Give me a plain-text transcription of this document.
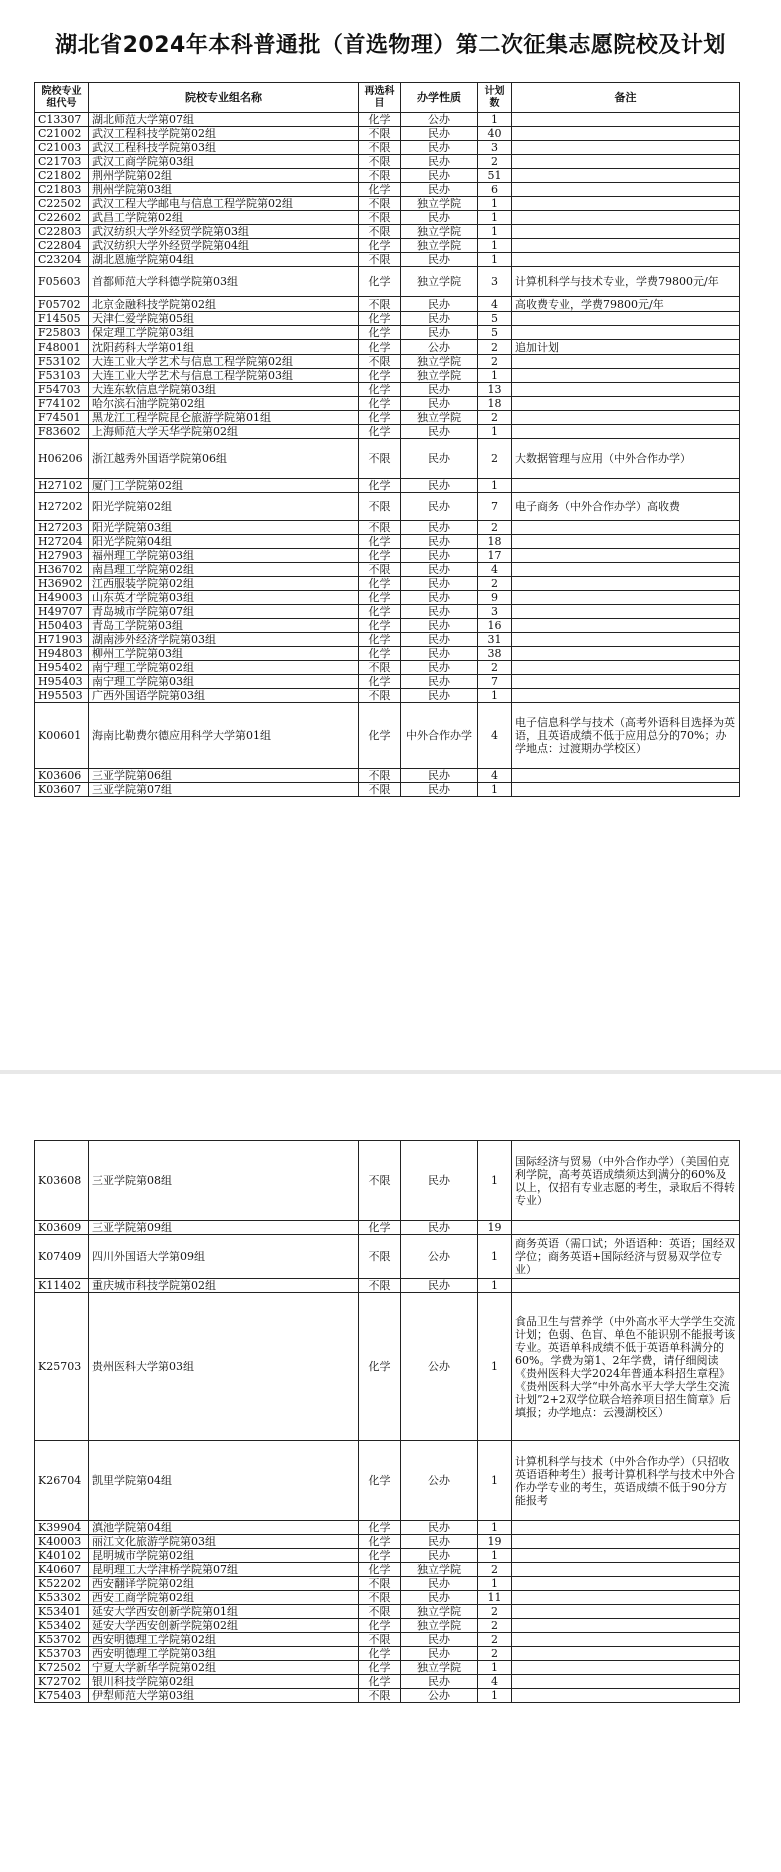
湖北省2024年本科普通批（首选物理）第二次征集志愿院校及计划
院校专业组代号	院校专业组名称	再选科目	办学性质	计划数	备注
C13307	湖北师范大学第07组	化学	公办	1	
C21002	武汉工程科技学院第02组	不限	民办	40	
C21003	武汉工程科技学院第03组	不限	民办	3	
C21703	武汉工商学院第03组	不限	民办	2	
C21802	荆州学院第02组	不限	民办	51	
C21803	荆州学院第03组	化学	民办	6	
C22502	武汉工程大学邮电与信息工程学院第02组	不限	独立学院	1	
C22602	武昌工学院第02组	不限	民办	1	
C22803	武汉纺织大学外经贸学院第03组	不限	独立学院	1	
C22804	武汉纺织大学外经贸学院第04组	化学	独立学院	1	
C23204	湖北恩施学院第04组	不限	民办	1	
F05603	首都师范大学科德学院第03组	化学	独立学院	3	计算机科学与技术专业，学费79800元/年
F05702	北京金融科技学院第02组	不限	民办	4	高收费专业，学费79800元/年
F14505	天津仁爱学院第05组	化学	民办	5	
F25803	保定理工学院第03组	化学	民办	5	
F48001	沈阳药科大学第01组	化学	公办	2	追加计划
F53102	大连工业大学艺术与信息工程学院第02组	不限	独立学院	2	
F53103	大连工业大学艺术与信息工程学院第03组	化学	独立学院	1	
F54703	大连东软信息学院第03组	化学	民办	13	
F74102	哈尔滨石油学院第02组	化学	民办	18	
F74501	黑龙江工程学院昆仑旅游学院第01组	化学	独立学院	2	
F83602	上海师范大学天华学院第02组	化学	民办	1	
H06206	浙江越秀外国语学院第06组	不限	民办	2	大数据管理与应用（中外合作办学）
H27102	厦门工学院第02组	化学	民办	1	
H27202	阳光学院第02组	不限	民办	7	电子商务（中外合作办学）高收费
H27203	阳光学院第03组	不限	民办	2	
H27204	阳光学院第04组	化学	民办	18	
H27903	福州理工学院第03组	化学	民办	17	
H36702	南昌理工学院第02组	不限	民办	4	
H36902	江西服装学院第02组	化学	民办	2	
H49003	山东英才学院第03组	化学	民办	9	
H49707	青岛城市学院第07组	化学	民办	3	
H50403	青岛工学院第03组	化学	民办	16	
H71903	湖南涉外经济学院第03组	化学	民办	31	
H94803	柳州工学院第03组	化学	民办	38	
H95402	南宁理工学院第02组	不限	民办	2	
H95403	南宁理工学院第03组	化学	民办	7	
H95503	广西外国语学院第03组	不限	民办	1	
K00601	海南比勒费尔德应用科学大学第01组	化学	中外合作办学	4	电子信息科学与技术（高考外语科目选择为英语，且英语成绩不低于应用总分的70%；办学地点：过渡期办学校区）
K03606	三亚学院第06组	不限	民办	4	
K03607	三亚学院第07组	不限	民办	1	
K03608	三亚学院第08组	不限	民办	1	国际经济与贸易（中外合作办学）（美国伯克利学院，高考英语成绩须达到满分的60%及以上，仅招有专业志愿的考生，录取后不得转专业）
K03609	三亚学院第09组	化学	民办	19	
K07409	四川外国语大学第09组	不限	公办	1	商务英语（需口试；外语语种：英语；国经双学位；商务英语+国际经济与贸易双学位专业）
K11402	重庆城市科技学院第02组	不限	民办	1	
K25703	贵州医科大学第03组	化学	公办	1	食品卫生与营养学（中外高水平大学学生交流计划；色弱、色盲、单色不能识别不能报考该专业。英语单科成绩不低于英语单科满分的60%。学费为第1、2年学费，请仔细阅读《贵州医科大学2024年普通本科招生章程》《贵州医科大学“中外高水平大学大学生交流计划”2+2双学位联合培养项目招生简章》后填报；办学地点：云漫湖校区）
K26704	凯里学院第04组	化学	公办	1	计算机科学与技术（中外合作办学）（只招收英语语种考生）报考计算机科学与技术中外合作办学专业的考生，英语成绩不低于90分方能报考
K39904	滇池学院第04组	化学	民办	1	
K40003	丽江文化旅游学院第03组	化学	民办	19	
K40102	昆明城市学院第02组	化学	民办	1	
K40607	昆明理工大学津桥学院第07组	化学	独立学院	2	
K52202	西安翻译学院第02组	不限	民办	1	
K53302	西安工商学院第02组	不限	民办	11	
K53401	延安大学西安创新学院第01组	不限	独立学院	2	
K53402	延安大学西安创新学院第02组	化学	独立学院	2	
K53702	西安明德理工学院第02组	不限	民办	2	
K53703	西安明德理工学院第03组	化学	民办	2	
K72502	宁夏大学新华学院第02组	化学	独立学院	1	
K72702	银川科技学院第02组	化学	民办	4	
K75403	伊犁师范大学第03组	不限	公办	1	
